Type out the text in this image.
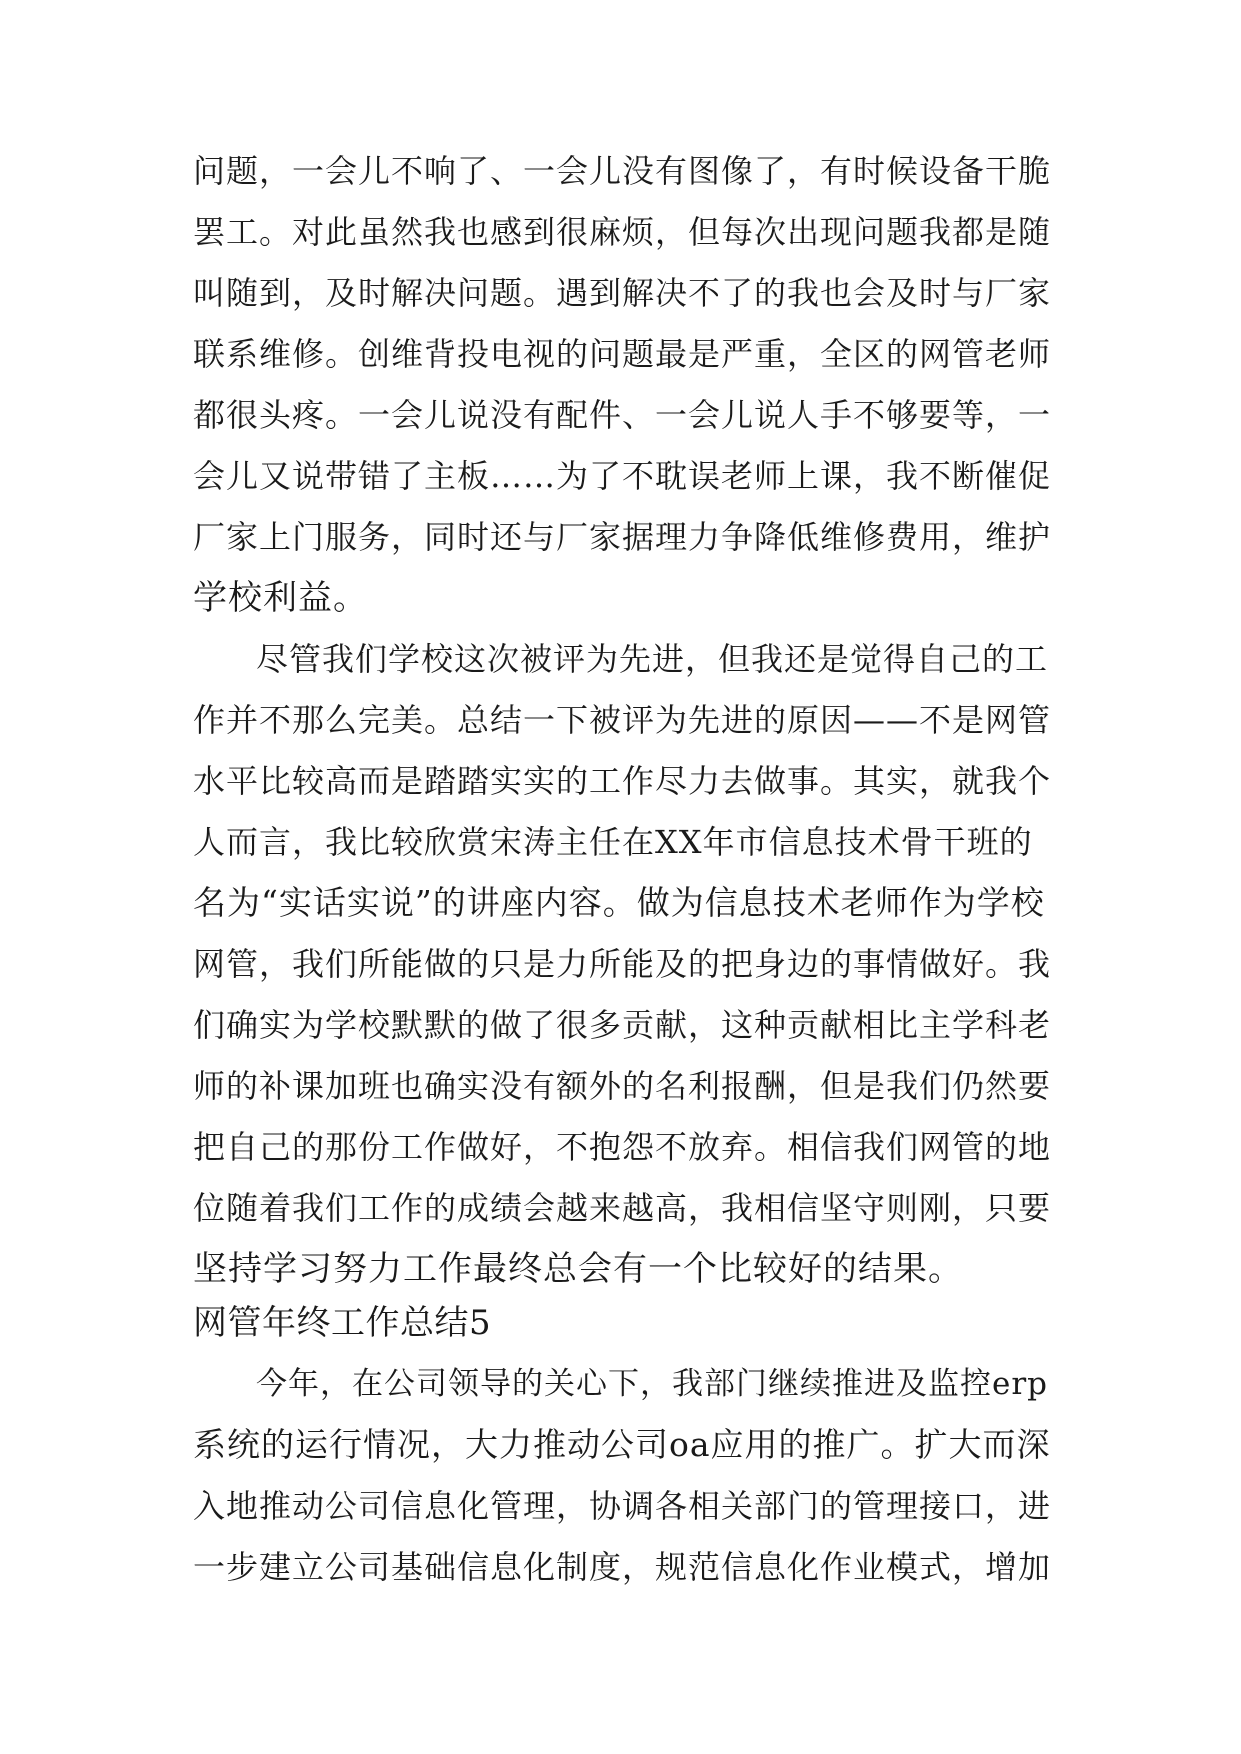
问题，一会儿不响了、一会儿没有图像了，有时候设备干脆
罢工。对此虽然我也感到很麻烦，但每次出现问题我都是随
叫随到，及时解决问题。遇到解决不了的我也会及时与厂家
联系维修。创维背投电视的问题最是严重，全区的网管老师
都很头疼。一会儿说没有配件、一会儿说人手不够要等，一
会儿又说带错了主板……为了不耽误老师上课，我不断催促
厂家上门服务，同时还与厂家据理力争降低维修费用，维护
学校利益。
尽管我们学校这次被评为先进，但我还是觉得自己的工
作并不那么完美。总结一下被评为先进的原因——不是网管
水平比较高而是踏踏实实的工作尽力去做事。其实，就我个
人而言，我比较欣赏宋涛主任在XX年市信息技术骨干班的
名为“实话实说”的讲座内容。做为信息技术老师作为学校
网管，我们所能做的只是力所能及的把身边的事情做好。我
们确实为学校默默的做了很多贡献，这种贡献相比主学科老
师的补课加班也确实没有额外的名利报酬，但是我们仍然要
把自己的那份工作做好，不抱怨不放弃。相信我们网管的地
位随着我们工作的成绩会越来越高，我相信坚守则刚，只要
坚持学习努力工作最终总会有一个比较好的结果。
网管年终工作总结5
今年，在公司领导的关心下，我部门继续推进及监控erp
系统的运行情况，大力推动公司oa应用的推广。扩大而深
入地推动公司信息化管理，协调各相关部门的管理接口，进
一步建立公司基础信息化制度，规范信息化作业模式，增加
